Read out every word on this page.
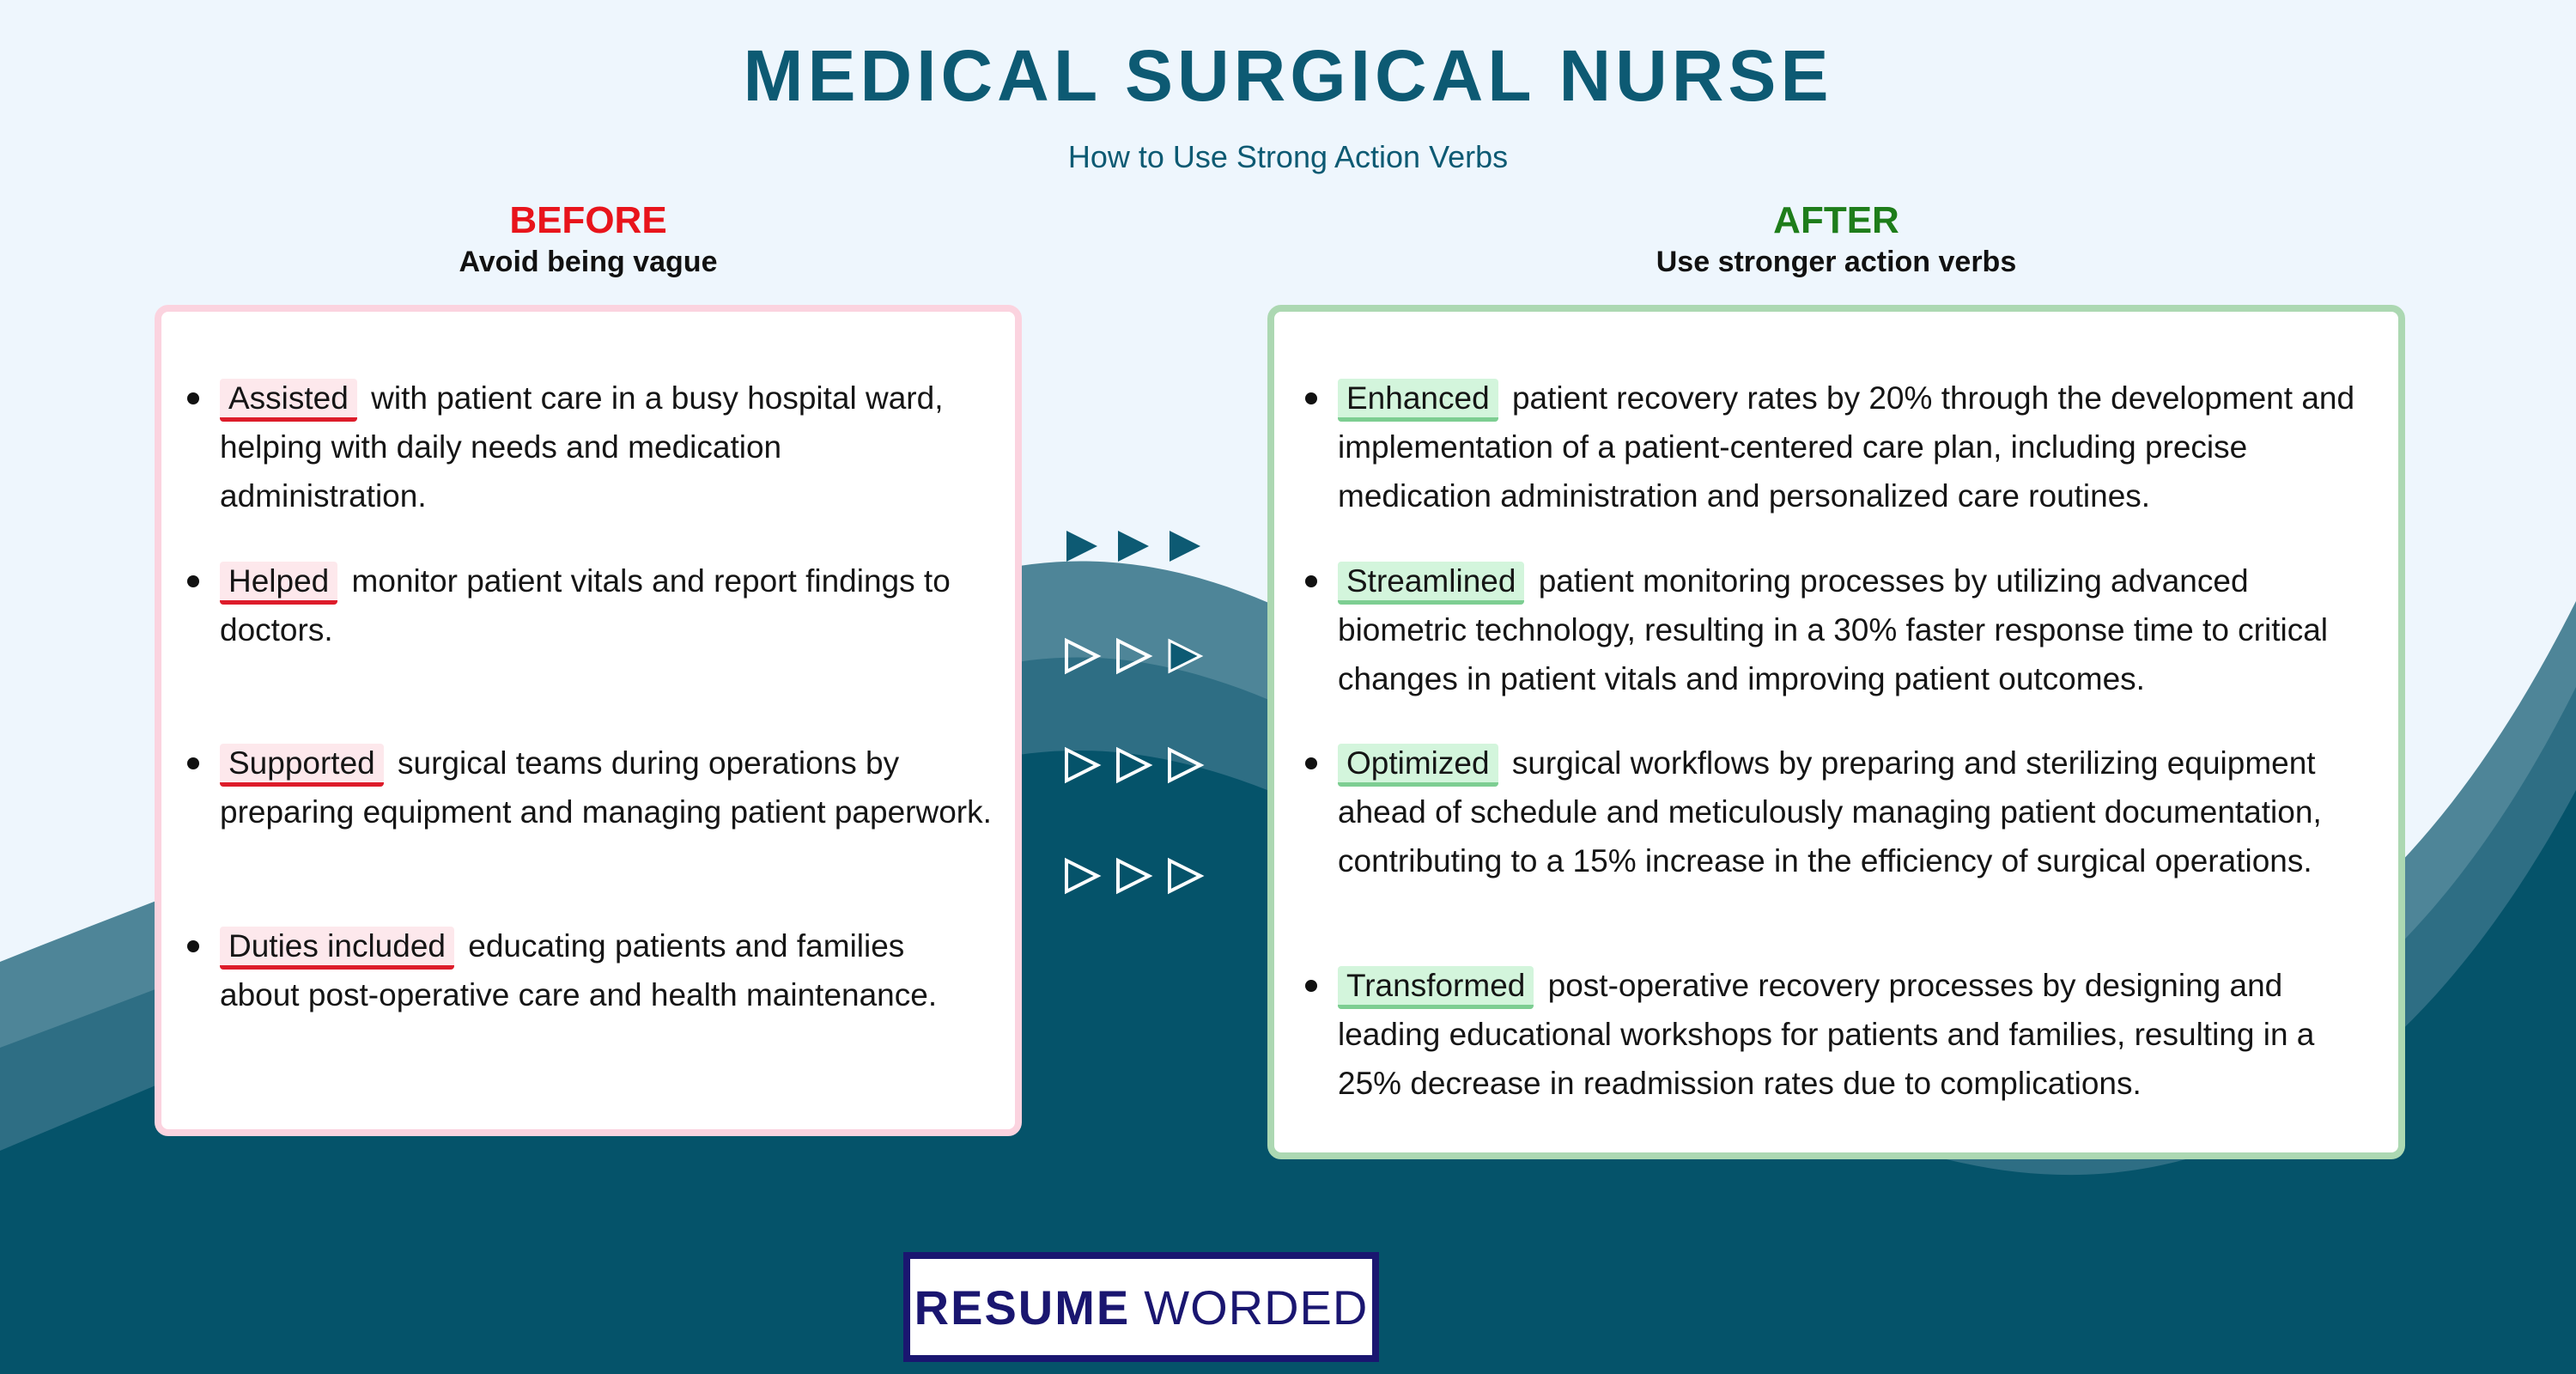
MEDICAL SURGICAL NURSE
How to Use Strong Action Verbs
BEFORE
Avoid being vague
AFTER
Use stronger action verbs
Assisted with patient care in a busy hospital ward, helping with daily needs and medication administration.
Helped monitor patient vitals and report findings to doctors.
Supported surgical teams during operations by preparing equipment and managing patient paperwork.
Duties included educating patients and families about post-operative care and health maintenance.
Enhanced patient recovery rates by 20% through the development and implementation of a patient-centered care plan, including precise medication administration and personalized care routines.
Streamlined patient monitoring processes by utilizing advanced biometric technology, resulting in a 30% faster response time to critical changes in patient vitals and improving patient outcomes.
Optimized surgical workflows by preparing and sterilizing equipment ahead of schedule and meticulously managing patient documentation, contributing to a 15% increase in the efficiency of surgical operations.
Transformed post-operative recovery processes by designing and leading educational workshops for patients and families, resulting in a 25% decrease in readmission rates due to complications.
RESUME WORDED
